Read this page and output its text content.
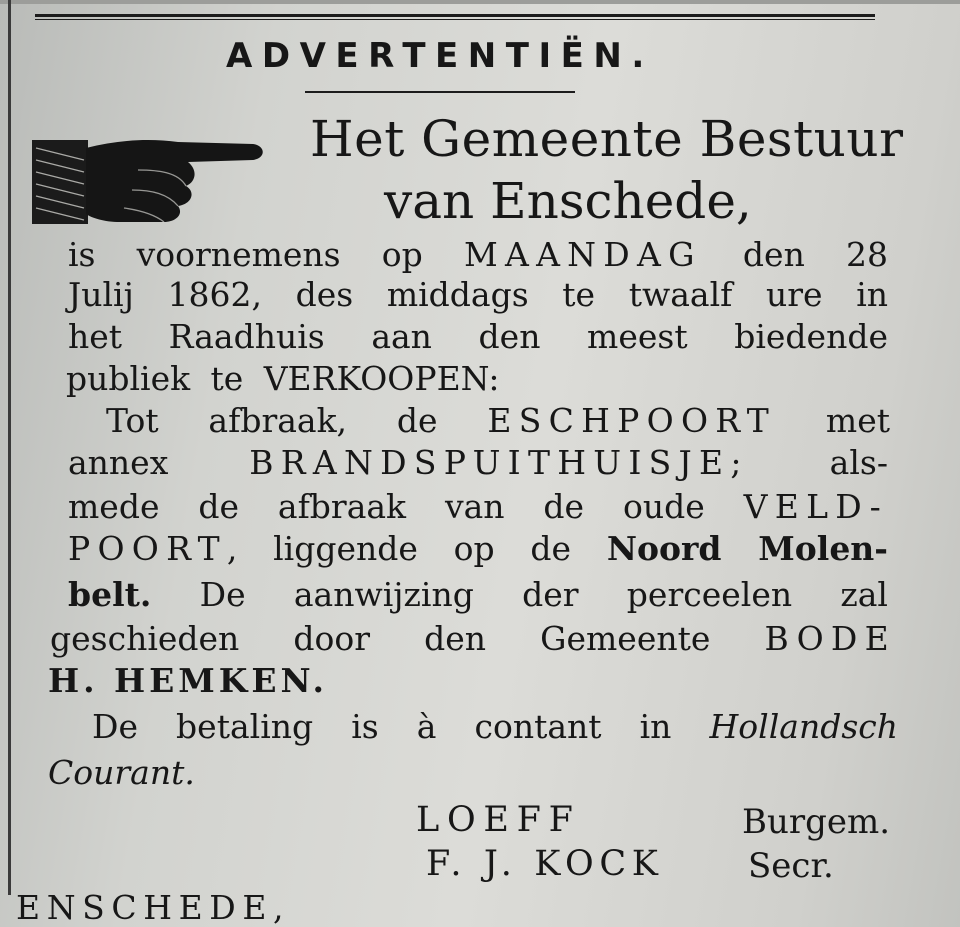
ADVERTENTIËN.
Het Gemeente Bestuur
van Enschede,
is voornemens op MAANDAG den 28
Julij 1862, des middags te twaalf ure in
het Raadhuis aan den meest biedende
publiek te VERKOOPEN:
Tot afbraak, de ESCHPOORT met
annex BRANDSPUITHUISJE; als-
mede de afbraak van de oude VELD-
POORT, liggende op de Noord Molen-
belt. De aanwijzing der perceelen zal
geschieden door den Gemeente BODE
H. HEMKEN.
De betaling is à contant in Hollandsch
Courant.
LOEFF	Burgem.
F. J. KOCK Secr.
ENSCHEDE,
